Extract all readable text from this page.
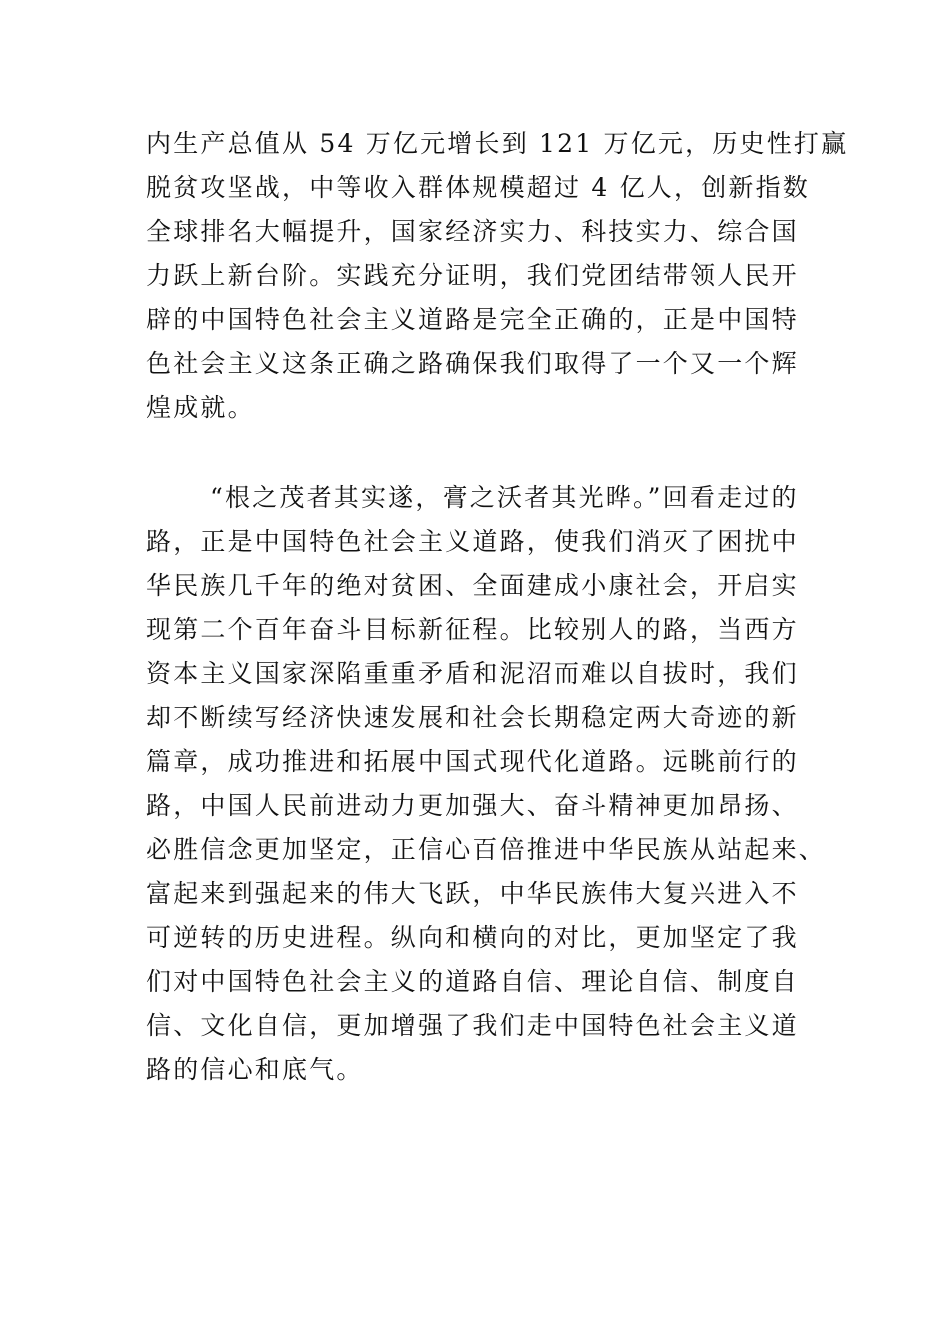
内生产总值从 54 万亿元增长到 121 万亿元，历史性打赢
脱贫攻坚战，中等收入群体规模超过 4 亿人，创新指数
全球排名大幅提升，国家经济实力、科技实力、综合国
力跃上新台阶。实践充分证明，我们党团结带领人民开
辟的中国特色社会主义道路是完全正确的，正是中国特
色社会主义这条正确之路确保我们取得了一个又一个辉
煌成就。
“根之茂者其实遂，膏之沃者其光晔。”回看走过的
路，正是中国特色社会主义道路，使我们消灭了困扰中
华民族几千年的绝对贫困、全面建成小康社会，开启实
现第二个百年奋斗目标新征程。比较别人的路，当西方
资本主义国家深陷重重矛盾和泥沼而难以自拔时，我们
却不断续写经济快速发展和社会长期稳定两大奇迹的新
篇章，成功推进和拓展中国式现代化道路。远眺前行的
路，中国人民前进动力更加强大、奋斗精神更加昂扬、
必胜信念更加坚定，正信心百倍推进中华民族从站起来、
富起来到强起来的伟大飞跃，中华民族伟大复兴进入不
可逆转的历史进程。纵向和横向的对比，更加坚定了我
们对中国特色社会主义的道路自信、理论自信、制度自
信、文化自信，更加增强了我们走中国特色社会主义道
路的信心和底气。
